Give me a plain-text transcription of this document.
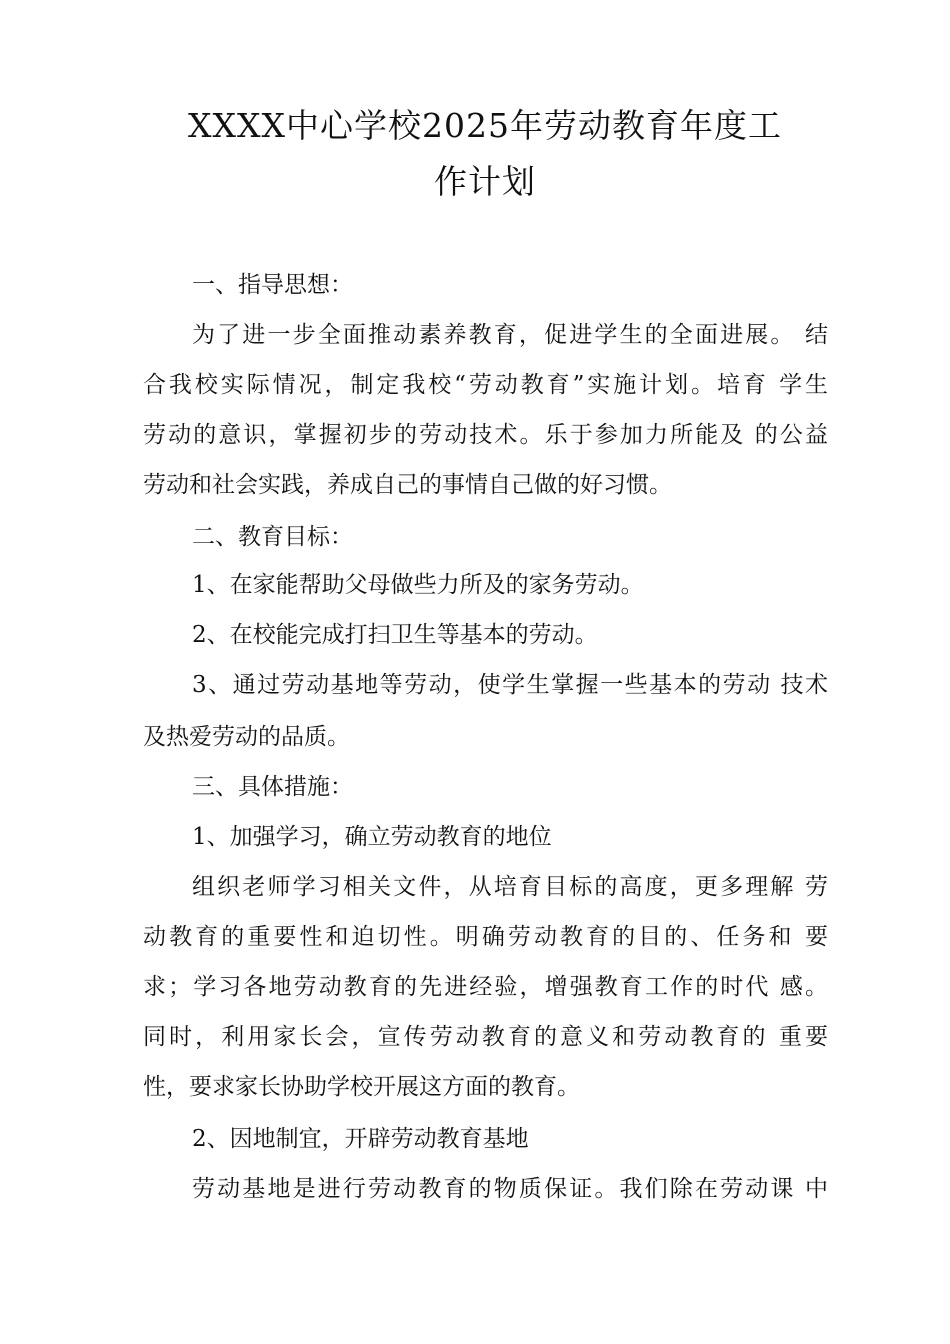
XXXX中心学校2025年劳动教育年度工
作计划
一、指导思想：
为了进一步全面推动素养教育，促进学生的全面进展。 结
合我校实际情况，制定我校“劳动教育”实施计划。培育 学生
劳动的意识，掌握初步的劳动技术。乐于参加力所能及 的公益
劳动和社会实践，养成自己的事情自己做的好习惯。
二、教育目标：
1、在家能帮助父母做些力所及的家务劳动。
2、在校能完成打扫卫生等基本的劳动。
3、通过劳动基地等劳动，使学生掌握一些基本的劳动 技术
及热爱劳动的品质。
三、具体措施：
1、加强学习，确立劳动教育的地位
组织老师学习相关文件，从培育目标的高度，更多理解 劳
动教育的重要性和迫切性。明确劳动教育的目的、任务和 要
求；学习各地劳动教育的先进经验，增强教育工作的时代 感。
同时，利用家长会，宣传劳动教育的意义和劳动教育的 重要
性，要求家长协助学校开展这方面的教育。
2、因地制宜，开辟劳动教育基地
劳动基地是进行劳动教育的物质保证。我们除在劳动课 中
